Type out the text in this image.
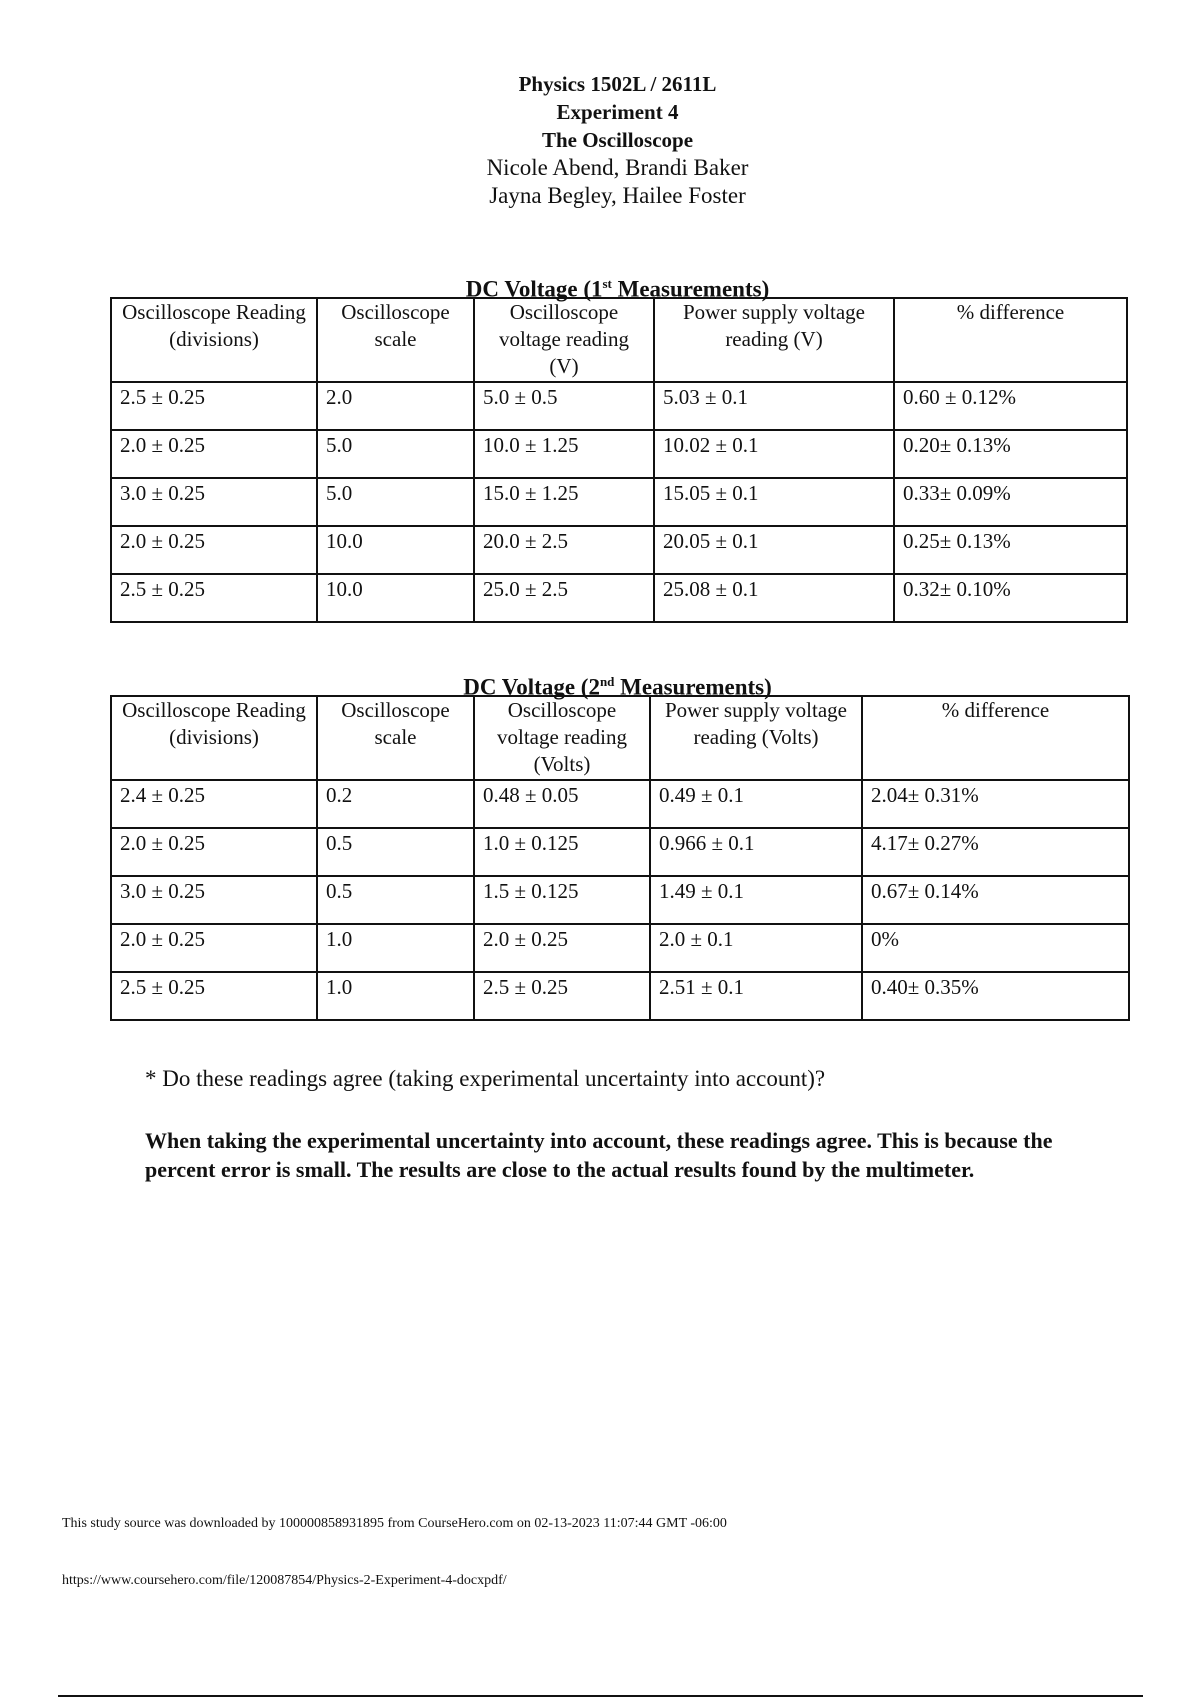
Physics 1502L / 2611L
Experiment 4
The Oscilloscope
Nicole Abend, Brandi Baker
Jayna Begley, Hailee Foster
DC Voltage (1st Measurements)
Oscilloscope Reading (divisions)	Oscilloscope scale	Oscilloscope voltage reading (V)	Power supply voltage reading (V)	% difference
2.5 ± 0.25	2.0	5.0 ± 0.5	5.03 ± 0.1	0.60 ± 0.12%
2.0 ± 0.25	5.0	10.0 ± 1.25	10.02 ± 0.1	0.20± 0.13%
3.0 ± 0.25	5.0	15.0 ± 1.25	15.05 ± 0.1	0.33± 0.09%
2.0 ± 0.25	10.0	20.0 ± 2.5	20.05 ± 0.1	0.25± 0.13%
2.5 ± 0.25	10.0	25.0 ± 2.5	25.08 ± 0.1	0.32± 0.10%
DC Voltage (2nd Measurements)
Oscilloscope Reading (divisions)	Oscilloscope scale	Oscilloscope voltage reading (Volts)	Power supply voltage reading (Volts)	% difference
2.4 ± 0.25	0.2	0.48 ± 0.05	0.49 ± 0.1	2.04± 0.31%
2.0 ± 0.25	0.5	1.0 ± 0.125	0.966 ± 0.1	4.17± 0.27%
3.0 ± 0.25	0.5	1.5 ± 0.125	1.49 ± 0.1	0.67± 0.14%
2.0 ± 0.25	1.0	2.0 ± 0.25	2.0 ± 0.1	0%
2.5 ± 0.25	1.0	2.5 ± 0.25	2.51 ± 0.1	0.40± 0.35%
* Do these readings agree (taking experimental uncertainty into account)?
When taking the experimental uncertainty into account, these readings agree. This is because the percent error is small. The results are close to the actual results found by the multimeter.
This study source was downloaded by 100000858931895 from CourseHero.com on 02-13-2023 11:07:44 GMT -06:00
https://www.coursehero.com/file/120087854/Physics-2-Experiment-4-docxpdf/
